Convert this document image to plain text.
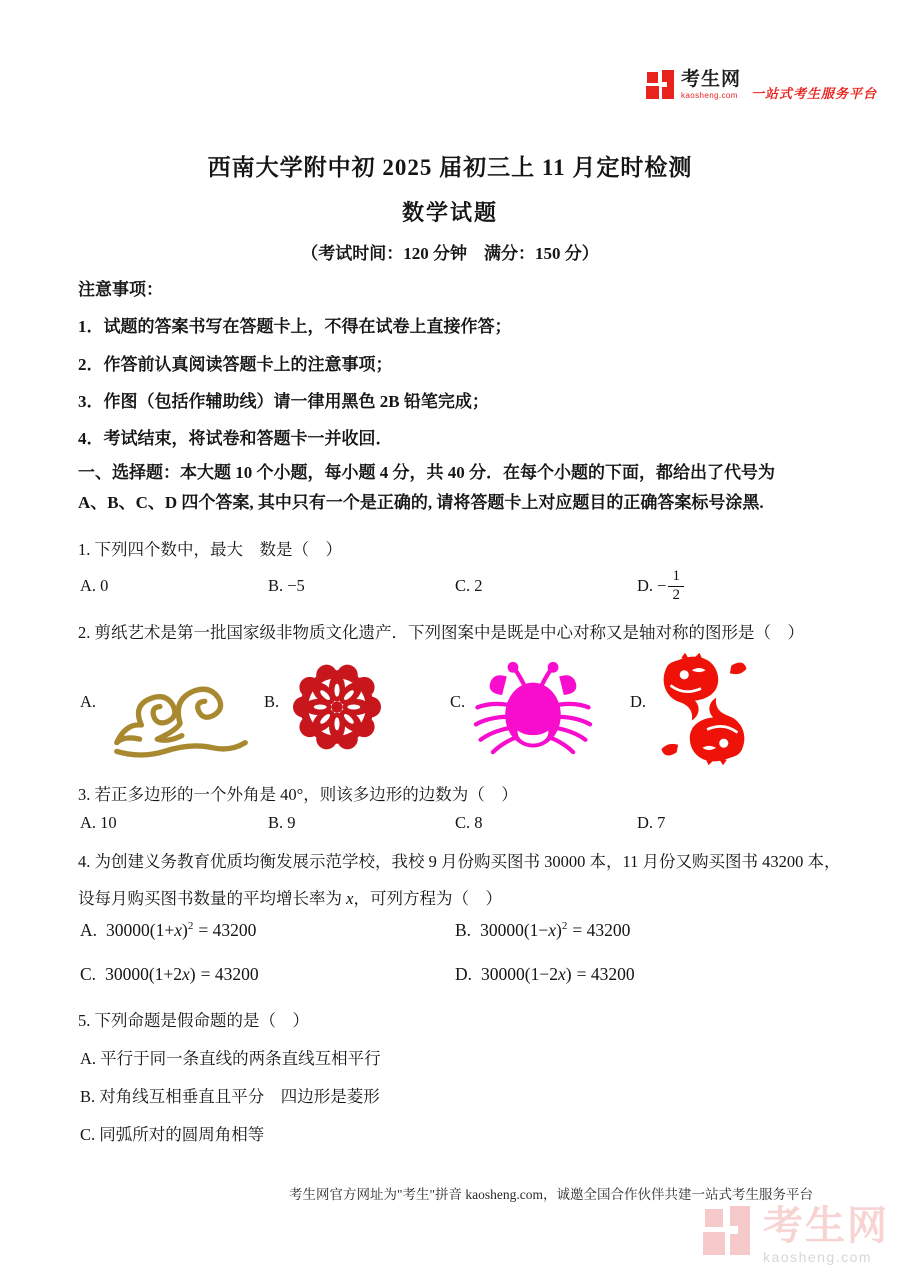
考生网
kaosheng.com 一站式考生服务平台
西南大学附中初 2025 届初三上 11 月定时检测
数学试题
（考试时间：120 分钟　满分：150 分）
注意事项：
1．试题的答案书写在答题卡上，不得在试卷上直接作答；
2．作答前认真阅读答题卡上的注意事项；
3．作图（包括作辅助线）请一律用黑色 2B 铅笔完成；
4．考试结束，将试卷和答题卡一并收回．
一、选择题：本大题 10 个小题，每小题 4 分，共 40 分．在每个小题的下面，都给出了代号为
A、B、C、D 四个答案, 其中只有一个是正确的, 请将答题卡上对应题目的正确答案标号涂黑.
1. 下列四个数中，最大　数是（　）
A. 0	B. −5	C. 2	D. − $\frac{1}{2}$
2. 剪纸艺术是第一批国家级非物质文化遗产．下列图案中是既是中心对称又是轴对称的图形是（　）
A.	B.	C.	D.
3. 若正多边形的一个外角是 40°，则该多边形的边数为（　）
A. 10	B. 9	C. 8	D. 7
4. 为创建义务教育优质均衡发展示范学校，我校 9 月份购买图书 30000 本，11 月份又购买图书 43200 本，
设每月购买图书数量的平均增长率为 x，可列方程为（　）
A. $30000(1+x)^2 = 43200$	B. $30000(1-x)^2 = 43200$
C. 30000(1+2x) = 43200	D. 30000(1−2x) = 43200
5. 下列命题是假命题的是（　）
A. 平行于同一条直线的两条直线互相平行
B. 对角线互相垂直且平分　四边形是菱形
C. 同弧所对的圆周角相等
考生网官方网址为"考生"拼音 kaosheng.com，诚邀全国合作伙伴共建一站式考生服务平台
考生网
kaosheng.com
